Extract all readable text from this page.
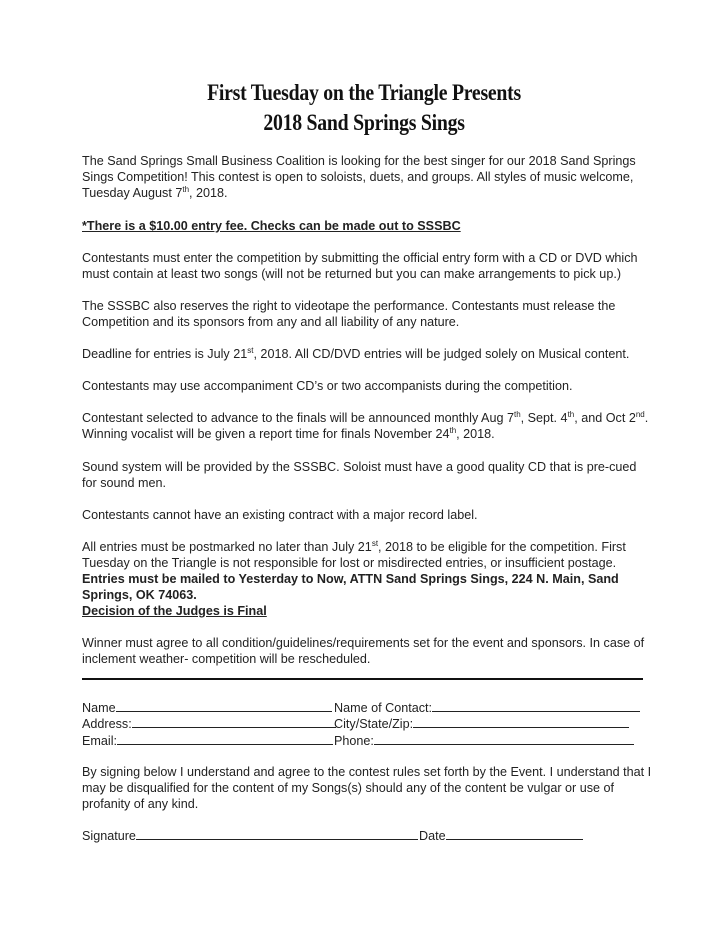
First Tuesday on the Triangle Presents
2018 Sand Springs Sings

The Sand Springs Small Business Coalition is looking for the best singer for our 2018 Sand Springs Sings Competition! This contest is open to soloists, duets, and groups. All styles of music welcome, Tuesday August 7th, 2018.

*There is a $10.00 entry fee. Checks can be made out to SSSBC

Contestants must enter the competition by submitting the official entry form with a CD or DVD which must contain at least two songs (will not be returned but you can make arrangements to pick up.)

The SSSBC also reserves the right to videotape the performance. Contestants must release the Competition and its sponsors from any and all liability of any nature.

Deadline for entries is July 21st, 2018. All CD/DVD entries will be judged solely on Musical content.

Contestants may use accompaniment CD’s or two accompanists during the competition.

Contestant selected to advance to the finals will be announced monthly Aug 7th, Sept. 4th, and Oct 2nd. Winning vocalist will be given a report time for finals November 24th, 2018.

Sound system will be provided by the SSSBC. Soloist must have a good quality CD that is pre-cued for sound men.

Contestants cannot have an existing contract with a major record label.

All entries must be postmarked no later than July 21st, 2018 to be eligible for the competition. First Tuesday on the Triangle is not responsible for lost or misdirected entries, or insufficient postage. Entries must be mailed to Yesterday to Now, ATTN Sand Springs Sings, 224 N. Main, Sand Springs, OK 74063.

Decision of the Judges is Final

Winner must agree to all condition/guidelines/requirements set for the event and sponsors. In case of inclement weather- competition will be rescheduled.

Name	Name of Contact:
Address:	City/State/Zip:
Email:	Phone:

By signing below I understand and agree to the contest rules set forth by the Event. I understand that I may be disqualified for the content of my Songs(s) should any of the content be vulgar or use of profanity of any kind.

Signature	Date
